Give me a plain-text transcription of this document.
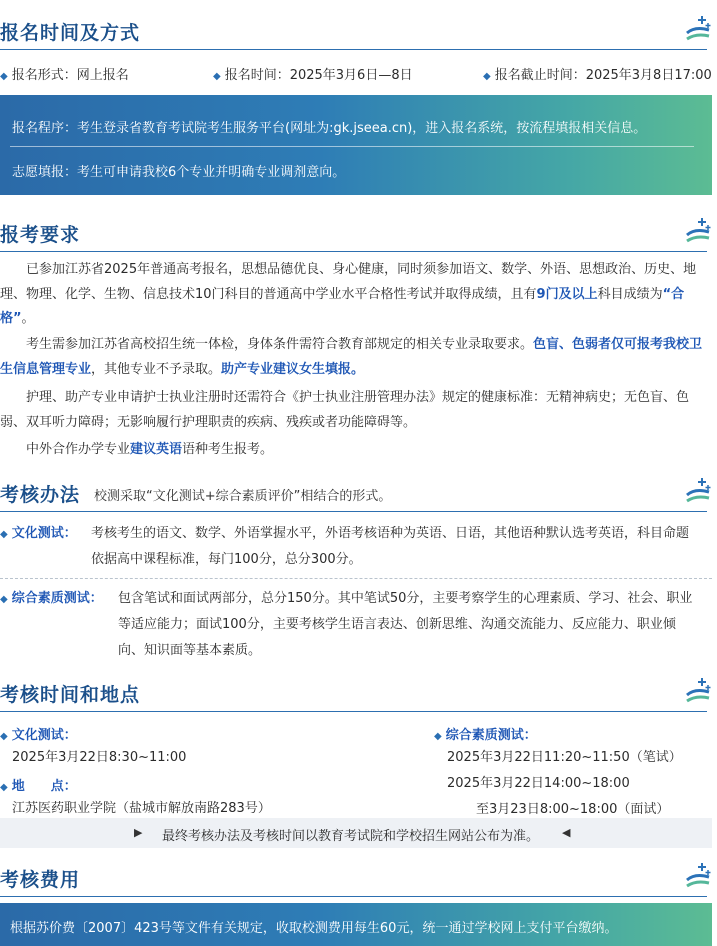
报名时间及方式
◆ 报名形式：网上报名	◆ 报名时间：2025年3月6日—8日	◆ 报名截止时间：2025年3月8日17:00
报名程序：考生登录省教育考试院考生服务平台(网址为:gk.jseea.cn)，进入报名系统，按流程填报相关信息。
志愿填报：考生可申请我校6个专业并明确专业调剂意向。
报考要求
已参加江苏省2025年普通高考报名，思想品德优良、身心健康，同时须参加语文、数学、外语、思想政治、历史、地理、物理、化学、生物、信息技术10门科目的普通高中学业水平合格性考试并取得成绩，且有9门及以上科目成绩为“合格”。
考生需参加江苏省高校招生统一体检，身体条件需符合教育部规定的相关专业录取要求。色盲、色弱者仅可报考我校卫生信息管理专业，其他专业不予录取。助产专业建议女生填报。
护理、助产专业申请护士执业注册时还需符合《护士执业注册管理办法》规定的健康标准：无精神病史；无色盲、色弱、双耳听力障碍；无影响履行护理职责的疾病、残疾或者功能障碍等。
中外合作办学专业建议英语语种考生报考。
考核办法 校测采取“文化测试+综合素质评价”相结合的形式。
◆ 文化测试： 考核考生的语文、数学、外语掌握水平，外语考核语种为英语、日语，其他语种默认选考英语，科目命题
依据高中课程标准，每门100分，总分300分。
◆ 综合素质测试： 包含笔试和面试两部分，总分150分。其中笔试50分，主要考察学生的心理素质、学习、社会、职业
等适应能力；面试100分，主要考核学生语言表达、创新思维、沟通交流能力、反应能力、职业倾
向、知识面等基本素质。
考核时间和地点
◆ 文化测试：
2025年3月22日8:30~11:00
◆ 地　　点：
江苏医药职业学院（盐城市解放南路283号）
◆ 综合素质测试：
2025年3月22日11:20~11:50（笔试）
2025年3月22日14:00~18:00
至3月23日8:00~18:00（面试）
▶ 最终考核办法及考核时间以教育考试院和学校招生网站公布为准。 ◀
考核费用
根据苏价费〔2007〕423号等文件有关规定，收取校测费用每生60元，统一通过学校网上支付平台缴纳。
